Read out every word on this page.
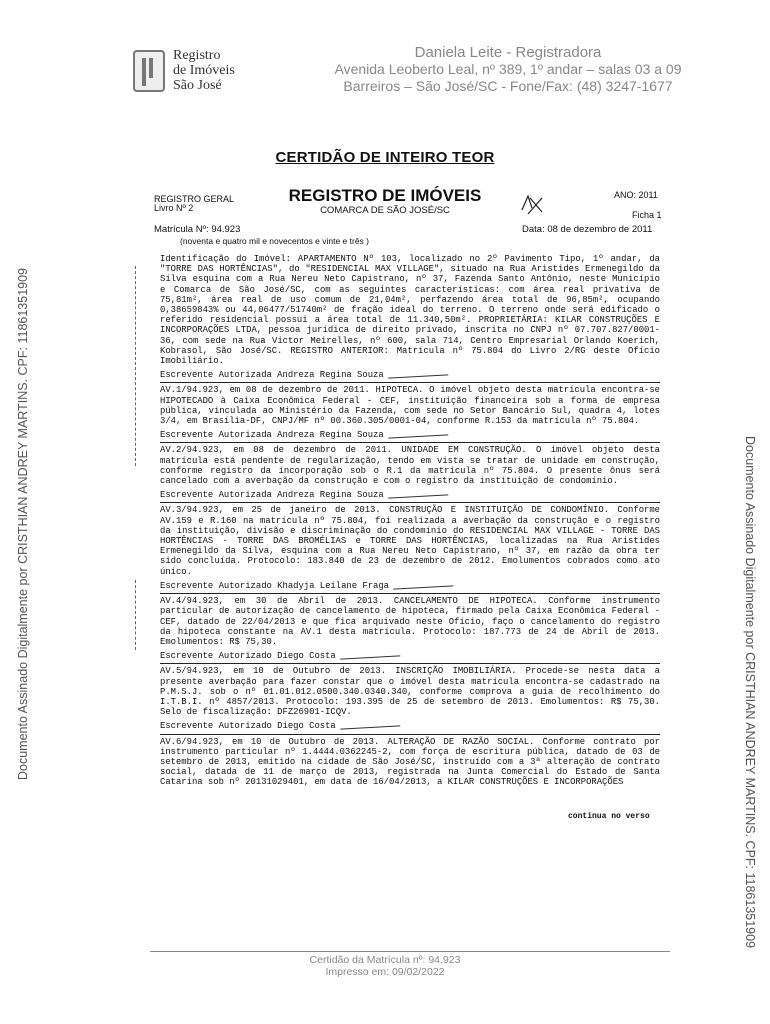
Documento Assinado Digitalmente por CRISTHIAN ANDREY MARTINS. CPF: 11861351909	Documento Assinado Digitalmente por CRISTHIAN ANDREY MARTINS. CPF: 11861351909
Registro
de Imóveis
São José
Daniela Leite - Registradora
Avenida Leoberto Leal, nº 389, 1º andar – salas 03 a 09
Barreiros – São José/SC - Fone/Fax: (48) 3247-1677
CERTIDÃO DE INTEIRO TEOR
REGISTRO GERAL
Livro Nº 2
REGISTRO DE IMÓVEIS
COMARCA DE SÃO JOSÉ/SC
ANO: 2011
Ficha 1
Matrícula Nº: 94.923
(noventa e quatro mil e novecentos e vinte e três )
Data: 08 de dezembro de 2011

Identificação do Imóvel: APARTAMENTO Nº 103, localizado no 2º Pavimento Tipo, 1º andar, da "TORRE DAS HORTÊNCIAS", do "RESIDENCIAL MAX VILLAGE", situado na Rua Aristides Ermenegildo da Silva esquina com a Rua Nereu Neto Capistrano, nº 37, Fazenda Santo Antônio, neste Município e Comarca de São José/SC, com as seguintes características: com área real privativa de 75,81m², área real de uso comum de 21,04m², perfazendo área total de 96,85m², ocupando 0,38659843% ou 44,06477/51740m² de fração ideal do terreno. O terreno onde será edificado o referido residencial possui a área total de 11.340,50m². PROPRIETÁRIA: KILAR CONSTRUÇÕES E INCORPORAÇÕES LTDA, pessoa jurídica de direito privado, inscrita no CNPJ nº 07.707.827/0001-36, com sede na Rua Victor Meirelles, nº 600, sala 714, Centro Empresarial Orlando Koerich, Kobrasol, São José/SC. REGISTRO ANTERIOR: Matrícula nº 75.804 do Livro 2/RG deste Ofício Imobiliário.

Escrevente Autorizada Andreza Regina Souza

AV.1/94.923, em 08 de dezembro de 2011. HIPOTECA. O imóvel objeto desta matrícula encontra-se HIPOTECADO à Caixa Econômica Federal - CEF, instituição financeira sob a forma de empresa pública, vinculada ao Ministério da Fazenda, com sede no Setor Bancário Sul, quadra 4, lotes 3/4, em Brasília-DF, CNPJ/MF nº 00.360.305/0001-04, conforme R.153 da matrícula nº 75.804.

Escrevente Autorizada Andreza Regina Souza

AV.2/94.923, em 08 de dezembro de 2011. UNIDADE EM CONSTRUÇÃO. O imóvel objeto desta matrícula está pendente de regularização, tendo em vista se tratar de unidade em construção, conforme registro da incorporação sob o R.1 da matrícula nº 75.804. O presente ônus será cancelado com a averbação da construção e com o registro da instituição de condomínio.

Escrevente Autorizada Andreza Regina Souza

AV.3/94.923, em 25 de janeiro de 2013. CONSTRUÇÃO E INSTITUIÇÃO DE CONDOMÍNIO. Conforme AV.159 e R.160 na matrícula nº 75.804, foi realizada a averbação da construção e o registro da instituição, divisão e discriminação do condomínio do RESIDENCIAL MAX VILLAGE - TORRE DAS HORTÊNCIAS - TORRE DAS BROMÉLIAS e TORRE DAS HORTÊNCIAS, localizadas na Rua Aristides Ermenegildo da Silva, esquina com a Rua Nereu Neto Capistrano, nº 37, em razão da obra ter sido concluída. Protocolo: 183.840 de 23 de dezembro de 2012. Emolumentos cobrados como ato único.

Escrevente Autorizado Khadyja Leilane Fraga

AV.4/94.923, em 30 de Abril de 2013. CANCELAMENTO DE HIPOTECA. Conforme instrumento particular de autorização de cancelamento de hipoteca, firmado pela Caixa Econômica Federal - CEF, datado de 22/04/2013 e que fica arquivado neste Ofício, faço o cancelamento do registro da hipoteca constante na AV.1 desta matrícula. Protocolo: 187.773 de 24 de Abril de 2013. Emolumentos: R$ 75,30.

Escrevente Autorizado Diego Costa

AV.5/94.923, em 10 de Outubro de 2013. INSCRIÇÃO IMOBILIÁRIA. Procede-se nesta data a presente averbação para fazer constar que o imóvel desta matrícula encontra-se cadastrado na P.M.S.J. sob o nº 01.01.012.0500.340.0340.340, conforme comprova a guia de recolhimento do I.T.B.I. nº 4857/2013. Protocolo: 193.395 de 25 de setembro de 2013. Emolumentos: R$ 75,30. Selo de fiscalização: DFZ26901-ICQV.

Escrevente Autorizado Diego Costa

AV.6/94.923, em 10 de Outubro de 2013. ALTERAÇÃO DE RAZÃO SOCIAL. Conforme contrato por instrumento particular nº 1.4444.0362245-2, com força de escritura pública, datado de 03 de setembro de 2013, emitido na cidade de São José/SC, instruído com a 3ª alteração de contrato social, datada de 11 de março de 2013, registrada na Junta Comercial do Estado de Santa Catarina sob nº 20131029401, em data de 16/04/2013, a KILAR CONSTRUÇÕES E INCORPORAÇÕES

continua no verso
Certidão da Matrícula nº: 94.923
Impresso em: 09/02/2022
